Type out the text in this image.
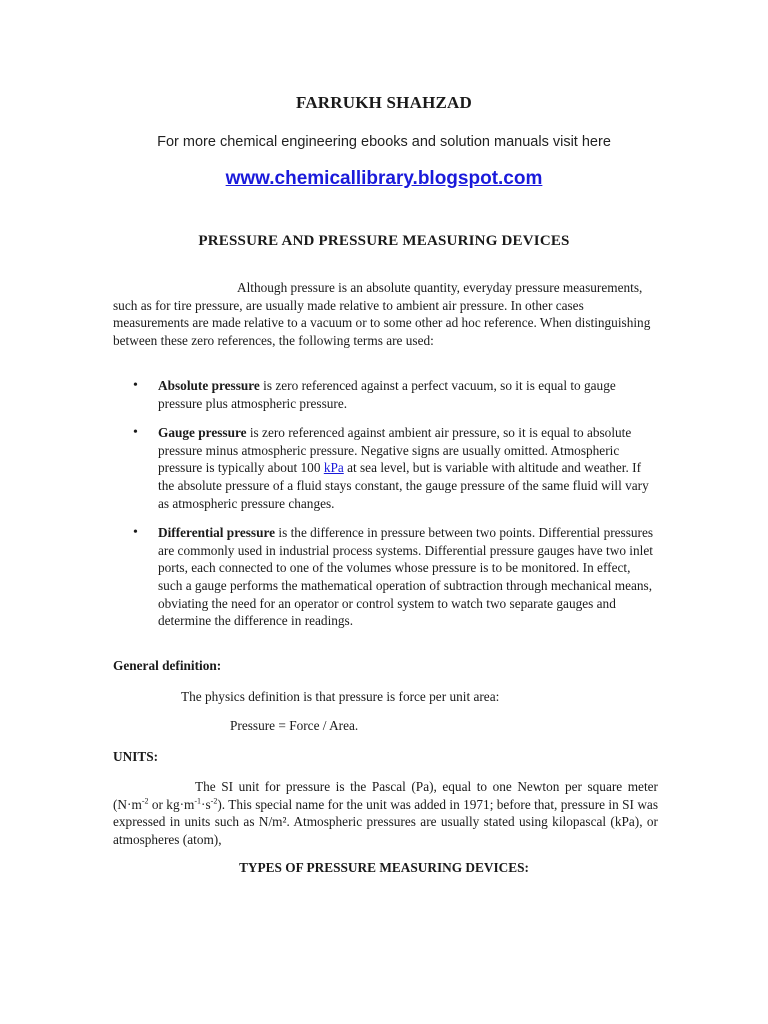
FARRUKH SHAHZAD
For more chemical engineering ebooks and solution manuals visit here
www.chemicallibrary.blogspot.com
PRESSURE AND PRESSURE MEASURING DEVICES

Although pressure is an absolute quantity, everyday pressure measurements, such as for tire pressure, are usually made relative to ambient air pressure. In other cases measurements are made relative to a vacuum or to some other ad hoc reference. When distinguishing between these zero references, the following terms are used:

• Absolute pressure is zero referenced against a perfect vacuum, so it is equal to gauge pressure plus atmospheric pressure.
• Gauge pressure is zero referenced against ambient air pressure, so it is equal to absolute pressure minus atmospheric pressure. Negative signs are usually omitted. Atmospheric pressure is typically about 100 kPa at sea level, but is variable with altitude and weather. If the absolute pressure of a fluid stays constant, the gauge pressure of the same fluid will vary as atmospheric pressure changes.
• Differential pressure is the difference in pressure between two points. Differential pressures are commonly used in industrial process systems. Differential pressure gauges have two inlet ports, each connected to one of the volumes whose pressure is to be monitored. In effect, such a gauge performs the mathematical operation of subtraction through mechanical means, obviating the need for an operator or control system to watch two separate gauges and determine the difference in readings.
General definition:
The physics definition is that pressure is force per unit area:
Pressure = Force / Area.
UNITS:

The SI unit for pressure is the Pascal (Pa), equal to one Newton per square meter ($N\cdot m^{-2}$ or $kg\cdot m^{-1}\cdot s^{-2}$). This special name for the unit was added in 1971; before that, pressure in SI was expressed in units such as N/m². Atmospheric pressures are usually stated using kilopascal (kPa), or atmospheres (atom),

TYPES OF PRESSURE MEASURING DEVICES:
